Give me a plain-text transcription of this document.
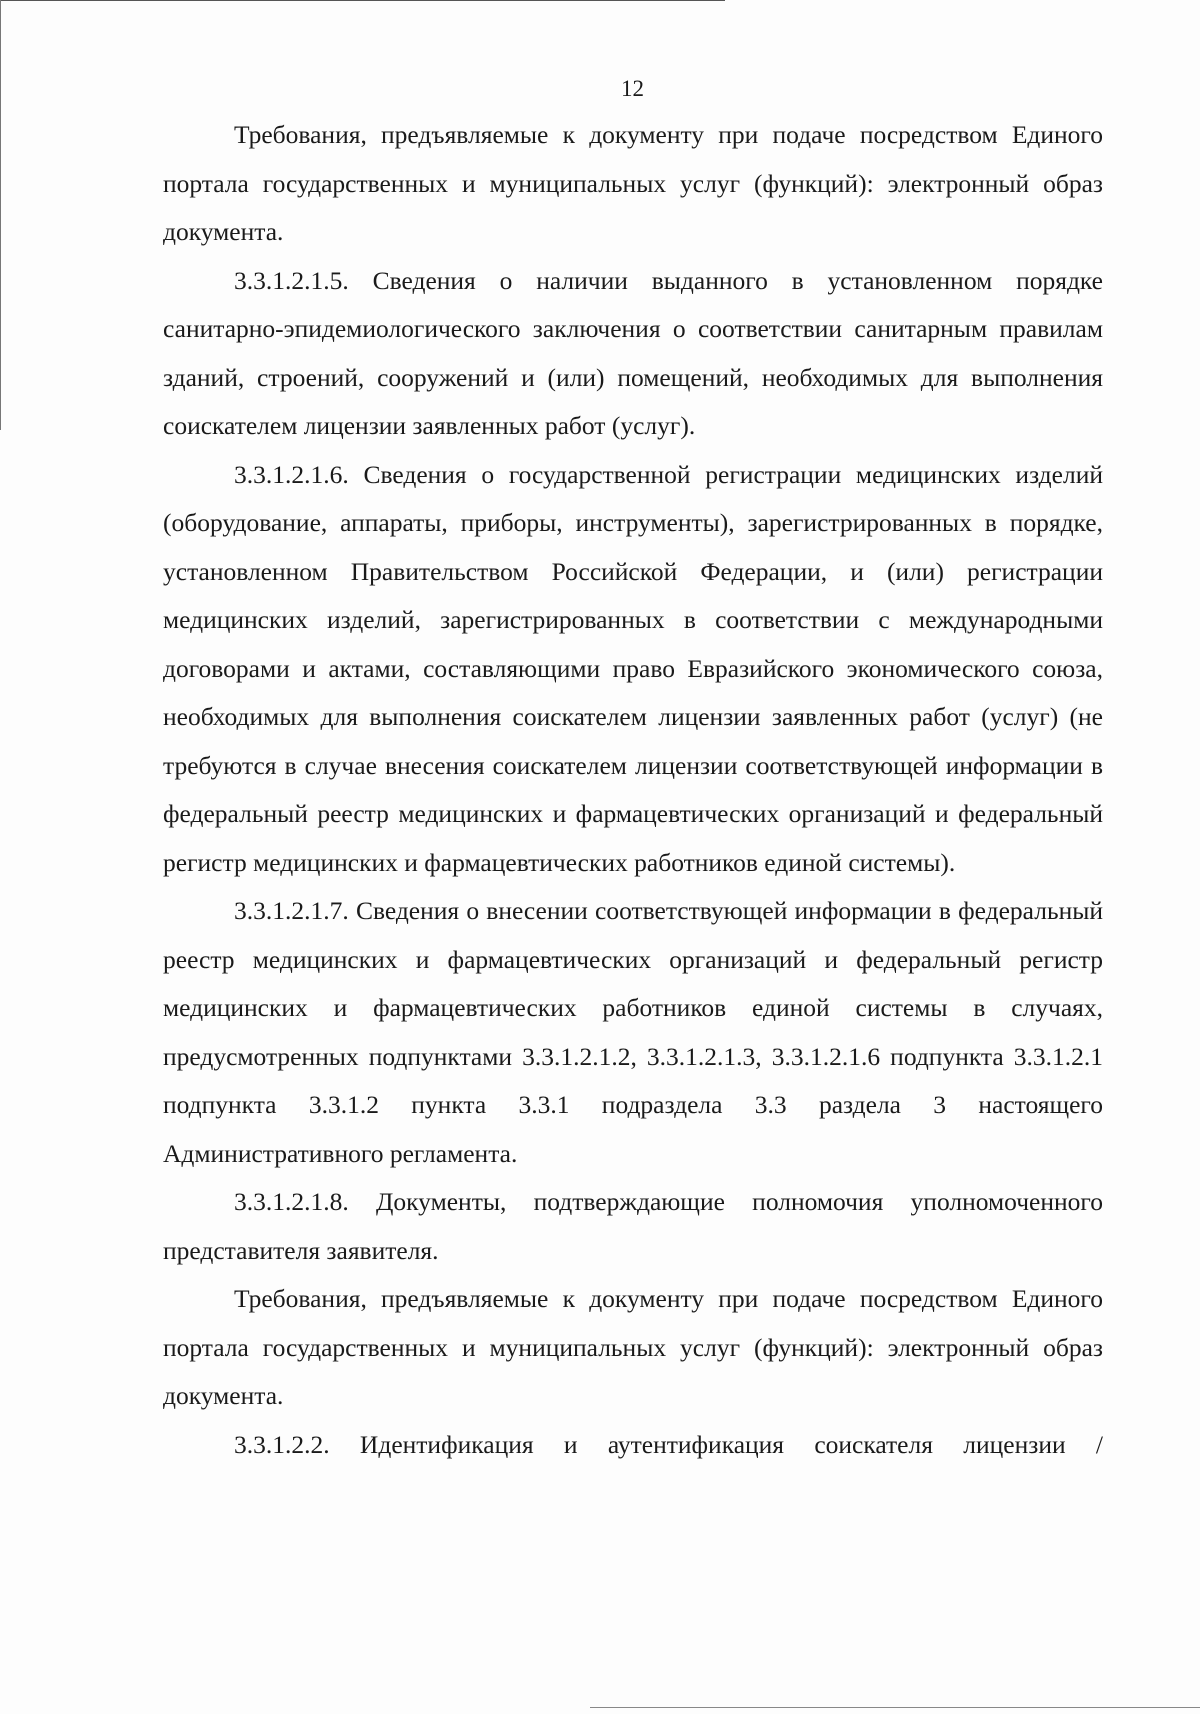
12

Требования, предъявляемые к документу при подаче посредством Единого портала государственных и муниципальных услуг (функций): электронный образ документа.

3.3.1.2.1.5. Сведения о наличии выданного в установленном порядке санитарно-эпидемиологического заключения о соответствии санитарным правилам зданий, строений, сооружений и (или) помещений, необходимых для выполнения соискателем лицензии заявленных работ (услуг).

3.3.1.2.1.6. Сведения о государственной регистрации медицинских изделий (оборудование, аппараты, приборы, инструменты), зарегистрированных в порядке, установленном Правительством Российской Федерации, и (или) регистрации медицинских изделий, зарегистрированных в соответствии с международными договорами и актами, составляющими право Евразийского экономического союза, необходимых для выполнения соискателем лицензии заявленных работ (услуг) (не требуются в случае внесения соискателем лицензии соответствующей информации в федеральный реестр медицинских и фармацевтических организаций и федеральный регистр медицинских и фармацевтических работников единой системы).

3.3.1.2.1.7. Сведения о внесении соответствующей информации в федеральный реестр медицинских и фармацевтических организаций и федеральный регистр медицинских и фармацевтических работников единой системы в случаях, предусмотренных подпунктами 3.3.1.2.1.2, 3.3.1.2.1.3, 3.3.1.2.1.6 подпункта 3.3.1.2.1 подпункта 3.3.1.2 пункта 3.3.1 подраздела 3.3 раздела 3 настоящего Административного регламента.

3.3.1.2.1.8. Документы, подтверждающие полномочия уполномоченного представителя заявителя.

Требования, предъявляемые к документу при подаче посредством Единого портала государственных и муниципальных услуг (функций): электронный образ документа.

3.3.1.2.2. Идентификация и аутентификация соискателя лицензии /
